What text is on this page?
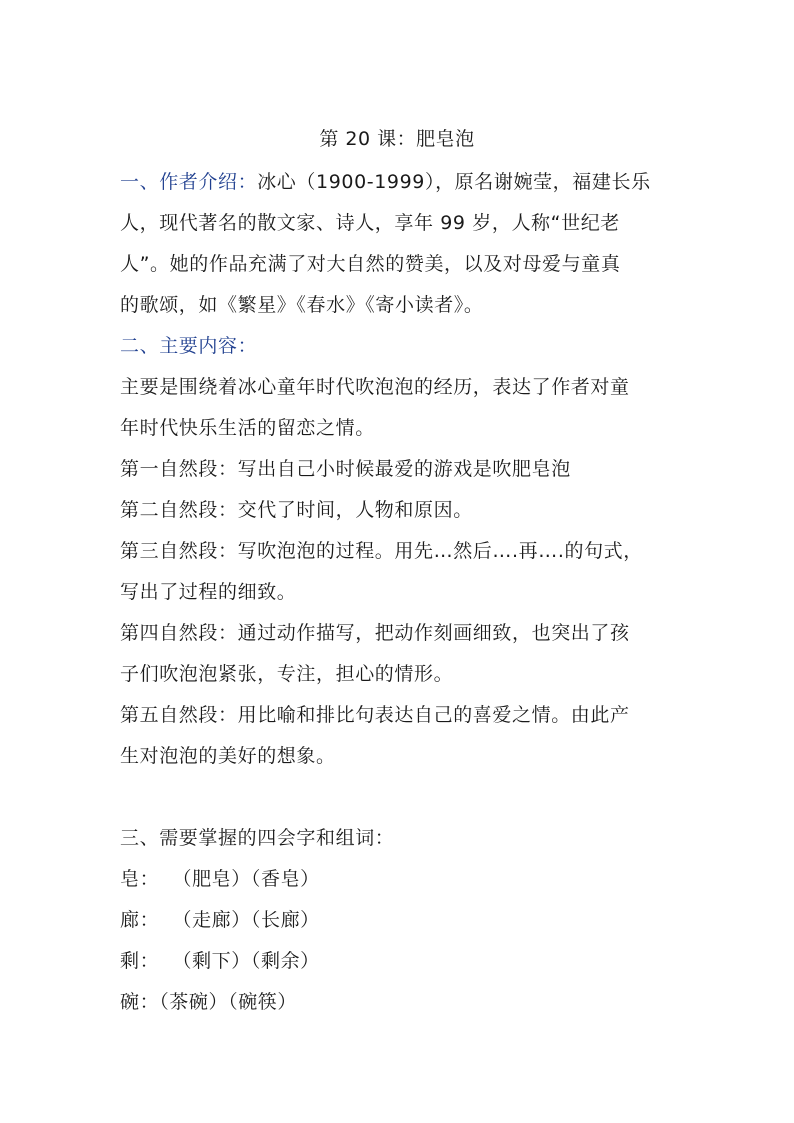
第 20 课：肥皂泡

一、作者介绍：冰心（1900-1999），原名谢婉莹，福建长乐

人，现代著名的散文家、诗人，享年 99 岁，人称“世纪老

人”。她的作品充满了对大自然的赞美，以及对母爱与童真

的歌颂，如《繁星》《春水》《寄小读者》。

二、主要内容：

主要是围绕着冰心童年时代吹泡泡的经历，表达了作者对童

年时代快乐生活的留恋之情。

第一自然段：写出自己小时候最爱的游戏是吹肥皂泡

第二自然段：交代了时间，人物和原因。

第三自然段：写吹泡泡的过程。用先…然后….再….的句式，

写出了过程的细致。

第四自然段：通过动作描写，把动作刻画细致，也突出了孩

子们吹泡泡紧张，专注，担心的情形。

第五自然段：用比喻和排比句表达自己的喜爱之情。由此产

生对泡泡的美好的想象。

三、需要掌握的四会字和组词：

皂：  （肥皂）（香皂）

廊：  （走廊）（长廊）

剩：  （剩下）（剩余）

碗：（茶碗）（碗筷）
